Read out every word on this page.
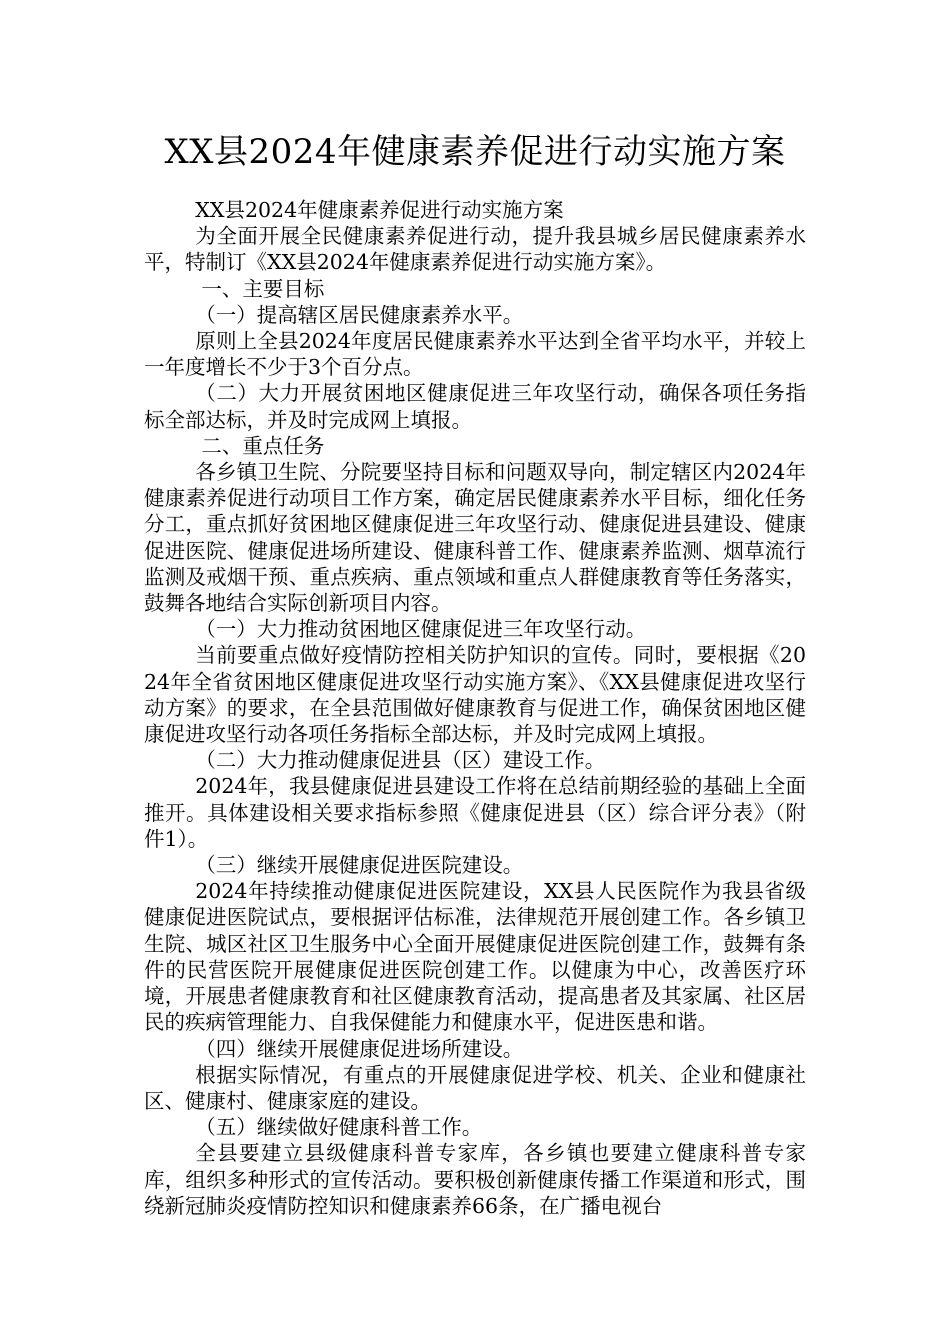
XX县2024年健康素养促进行动实施方案

XX县2024年健康素养促进行动实施方案

为全面开展全民健康素养促进行动，提升我县城乡居民健康素养水平，特制订《XX县2024年健康素养促进行动实施方案》。

一、主要目标

（一）提高辖区居民健康素养水平。

原则上全县2024年度居民健康素养水平达到全省平均水平，并较上一年度增长不少于3个百分点。

（二）大力开展贫困地区健康促进三年攻坚行动，确保各项任务指标全部达标，并及时完成网上填报。

二、重点任务

各乡镇卫生院、分院要坚持目标和问题双导向，制定辖区内2024年健康素养促进行动项目工作方案，确定居民健康素养水平目标，细化任务分工，重点抓好贫困地区健康促进三年攻坚行动、健康促进县建设、健康促进医院、健康促进场所建设、健康科普工作、健康素养监测、烟草流行监测及戒烟干预、重点疾病、重点领域和重点人群健康教育等任务落实，鼓舞各地结合实际创新项目内容。

（一）大力推动贫困地区健康促进三年攻坚行动。

当前要重点做好疫情防控相关防护知识的宣传。同时，要根据《2024年全省贫困地区健康促进攻坚行动实施方案》、《XX县健康促进攻坚行动方案》的要求，在全县范围做好健康教育与促进工作，确保贫困地区健康促进攻坚行动各项任务指标全部达标，并及时完成网上填报。

（二）大力推动健康促进县（区）建设工作。

2024年，我县健康促进县建设工作将在总结前期经验的基础上全面推开。具体建设相关要求指标参照《健康促进县（区）综合评分表》（附件1）。

（三）继续开展健康促进医院建设。

2024年持续推动健康促进医院建设，XX县人民医院作为我县省级健康促进医院试点，要根据评估标准，法律规范开展创建工作。各乡镇卫生院、城区社区卫生服务中心全面开展健康促进医院创建工作，鼓舞有条件的民营医院开展健康促进医院创建工作。以健康为中心，改善医疗环境，开展患者健康教育和社区健康教育活动，提高患者及其家属、社区居民的疾病管理能力、自我保健能力和健康水平，促进医患和谐。

（四）继续开展健康促进场所建设。

根据实际情况，有重点的开展健康促进学校、机关、企业和健康社区、健康村、健康家庭的建设。

（五）继续做好健康科普工作。

全县要建立县级健康科普专家库，各乡镇也要建立健康科普专家库，组织多种形式的宣传活动。要积极创新健康传播工作渠道和形式，围绕新冠肺炎疫情防控知识和健康素养66条，在广播电视台
